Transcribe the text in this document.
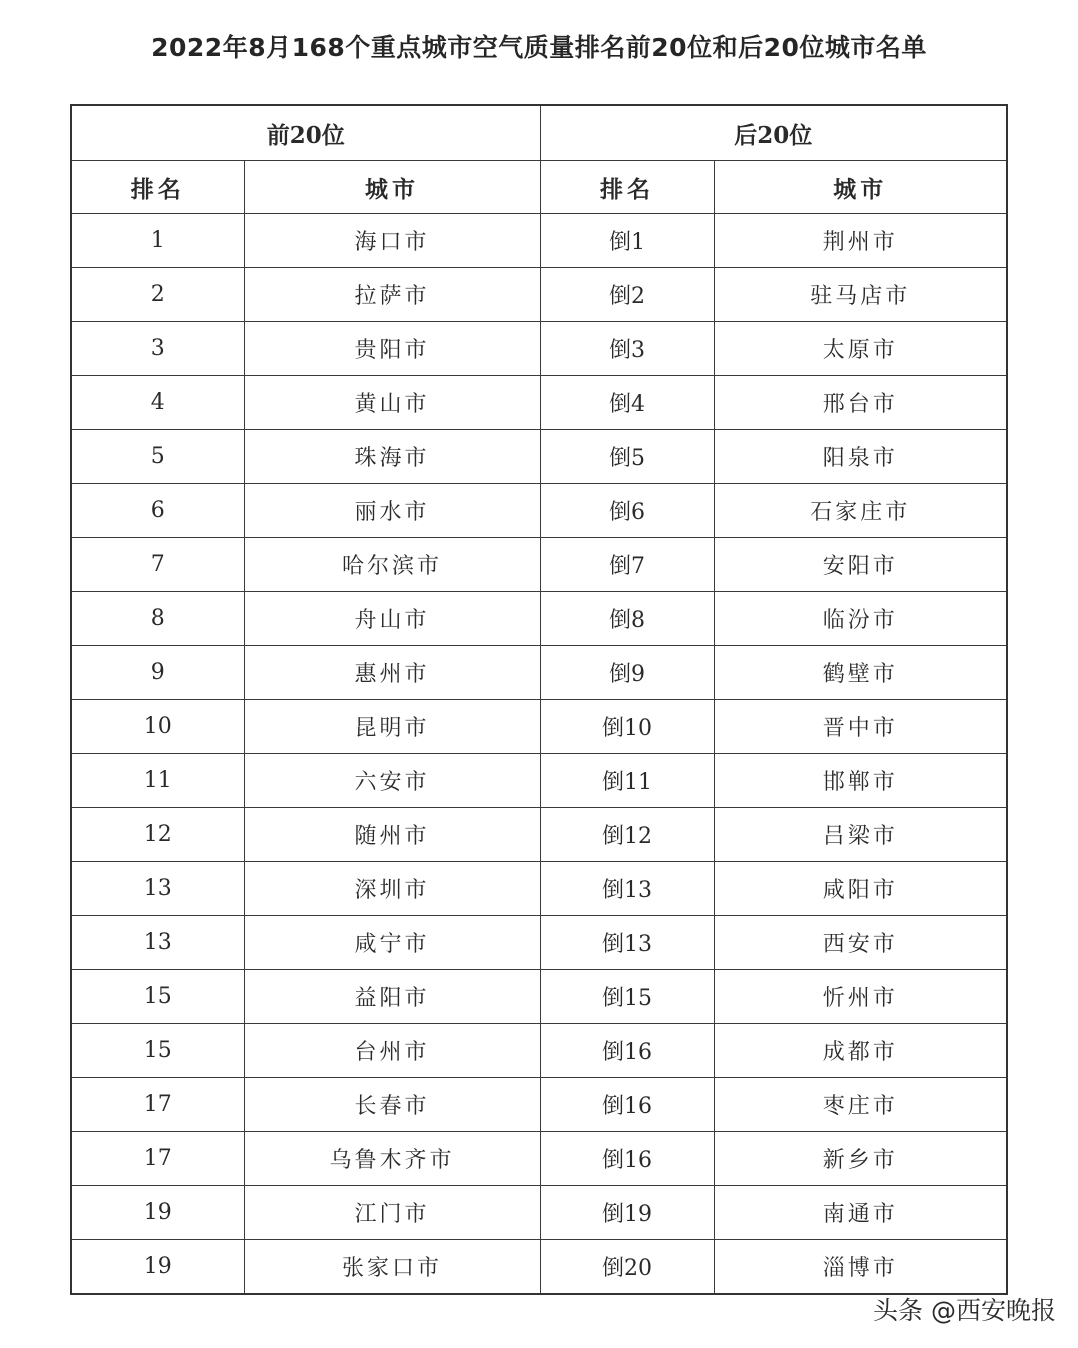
2022年8月168个重点城市空气质量排名前20位和后20位城市名单
前20位		后20位	
排名	城市	排名	城市
1	海口市	倒1	荆州市
2	拉萨市	倒2	驻马店市
3	贵阳市	倒3	太原市
4	黄山市	倒4	邢台市
5	珠海市	倒5	阳泉市
6	丽水市	倒6	石家庄市
7	哈尔滨市	倒7	安阳市
8	舟山市	倒8	临汾市
9	惠州市	倒9	鹤壁市
10	昆明市	倒10	晋中市
11	六安市	倒11	邯郸市
12	随州市	倒12	吕梁市
13	深圳市	倒13	咸阳市
13	咸宁市	倒13	西安市
15	益阳市	倒15	忻州市
15	台州市	倒16	成都市
17	长春市	倒16	枣庄市
17	乌鲁木齐市	倒16	新乡市
19	江门市	倒19	南通市
19	张家口市	倒20	淄博市
头条 @西安晚报
